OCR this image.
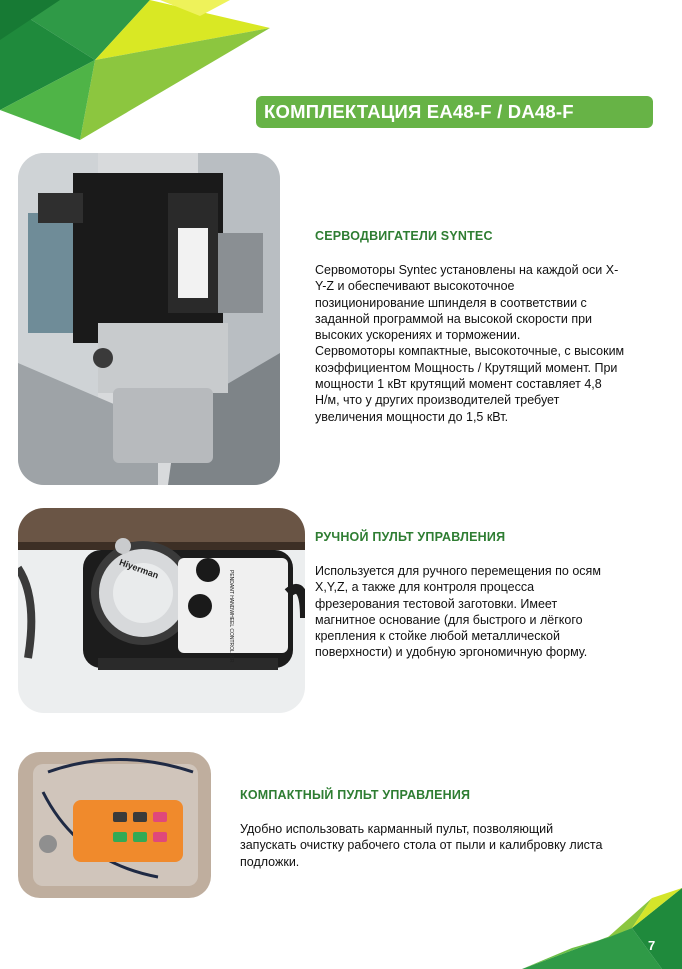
КОМПЛЕКТАЦИЯ EA48-F / DA48-F
СЕРВОДВИГАТЕЛИ SYNTEC
Сервомоторы Syntec установлены на каждой оси X-
Y-Z и обеспечивают высокоточное
позиционирование шпинделя в соответствии с
заданной программой на высокой скорости при
высоких ускорениях и торможении.
Сервомоторы компактные, высокоточные, с высоким
коэффициентом Мощность / Крутящий момент. При
мощности 1 кВт крутящий момент составляет 4,8
Н/м, что у других производителей требует
увеличения мощности до 1,5 кВт.
Hiyerman
PENDANT HANDWHEEL CONTROLLER
РУЧНОЙ ПУЛЬТ УПРАВЛЕНИЯ
Используется для ручного перемещения по осям
X,Y,Z, а также для контроля процесса
фрезерования тестовой заготовки. Имеет
магнитное основание (для быстрого и лёгкого
крепления к стойке любой металлической
поверхности) и удобную эргономичную форму.
КОМПАКТНЫЙ ПУЛЬТ УПРАВЛЕНИЯ
Удобно использовать карманный пульт, позволяющий
запускать очистку рабочего стола от пыли и калибровку листа
подложки.
7
